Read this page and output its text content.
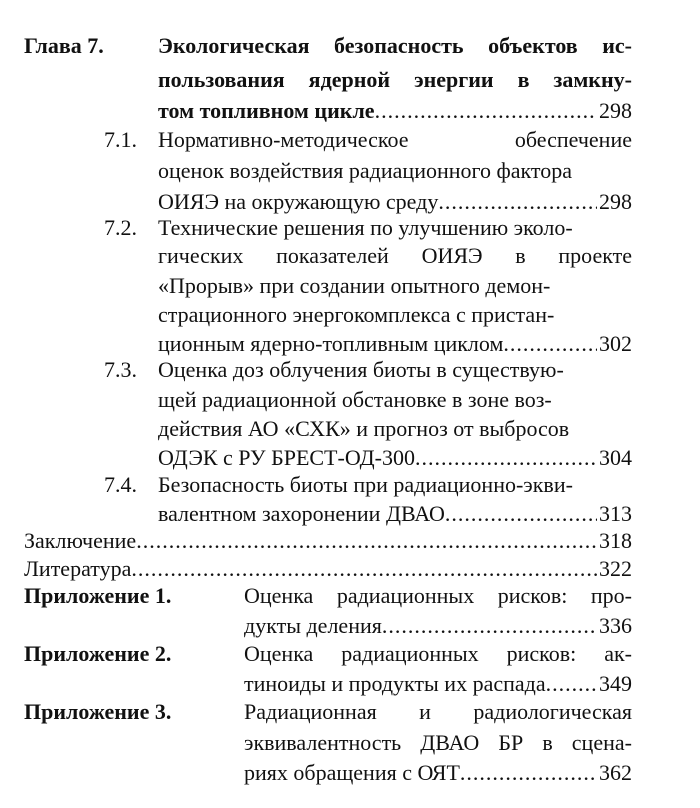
Глава 7. Экологическая безопасность объектов ис-
пользования ядерной энергии в замкну-
том топливном цикле .....	298
7.1. Нормативно-методическое	обеспечение
оценок воздействия радиационного фактора
ОИЯЭ на окружающую среду .....	298
7.2. Технические решения по улучшению эколо-
гических показателей ОИЯЭ в проекте
«Прорыв» при создании опытного демон-
страционного энергокомплекса с пристан-
ционным ядерно-топливным циклом .....	302
7.3. Оценка доз облучения биоты в существую-
щей радиационной обстановке в зоне воз-
действия АО «СХК» и прогноз от выбросов
ОДЭК с РУ БРЕСТ-ОД-300 .....	304
7.4. Безопасность биоты при радиационно-экви-
валентном захоронении ДВАО .....	313
Заключение .....	318
Литература .....	322
Приложение 1.	Оценка радиационных рисков: про-
дукты деления .....	336
Приложение 2.	Оценка радиационных рисков: ак-
тиноиды и продукты их распада ..... 349
Приложение 3.	Радиационная и радиологическая
эквивалентность ДВАО БР в сцена-
риях обращения с ОЯТ .....	362
